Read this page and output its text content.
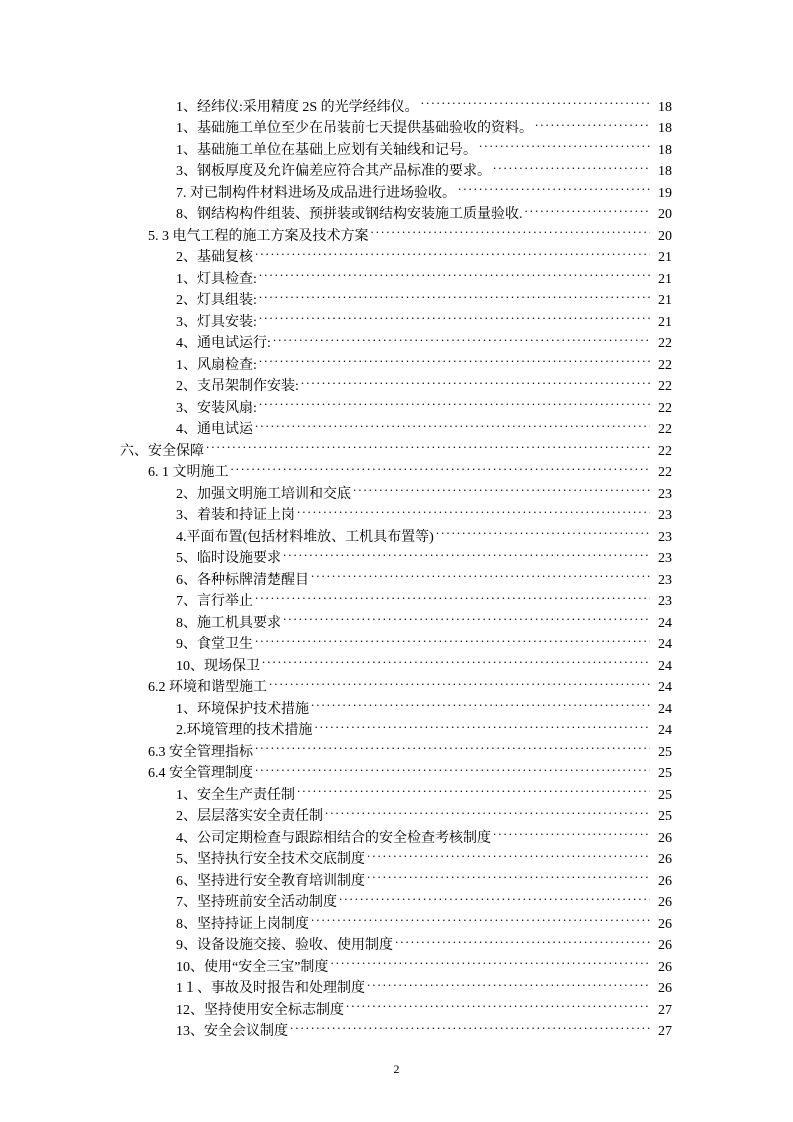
1、经纬仪:采用精度 2S 的光学经纬仪。 .....	18
1、基础施工单位至少在吊装前七天提供基础验收的资料。 .....	18
1、基础施工单位在基础上应划有关轴线和记号。 .....	18
3、钢板厚度及允许偏差应符合其产品标准的要求。 .....	18
7. 对已制构件材料进场及成品进行进场验收。 .....	19
8、钢结构构件组装、预拼装或钢结构安装施工质量验收. .....	20
5. 3 电气工程的施工方案及技术方案 .....	20
2、基础复核 .....	21
1、灯具检查: .....	21
2、灯具组装: .....	21
3、灯具安装: .....	21
4、通电试运行: .....	22
1、风扇检查: .....	22
2、支吊架制作安装: .....	22
3、安装风扇: .....	22
4、通电试运 .....	22
六、安全保障 .....	22
6. 1 文明施工 .....	22
2、加强文明施工培训和交底 .....	23
3、着装和持证上岗 .....	23
4.平面布置(包括材料堆放、工机具布置等) .....	23
5、临时设施要求 .....	23
6、各种标牌清楚醒目 .....	23
7、言行举止 .....	23
8、施工机具要求 .....	24
9、食堂卫生 .....	24
10、现场保卫 .....	24
6.2 环境和谐型施工 .....	24
1、环境保护技术措施 .....	24
2.环境管理的技术措施 .....	24
6.3 安全管理指标 .....	25
6.4 安全管理制度 .....	25
1、安全生产责任制 .....	25
2、层层落实安全责任制 .....	25
4、公司定期检查与跟踪相结合的安全检查考核制度 .....	26
5、坚持执行安全技术交底制度 .....	26
6、坚持进行安全教育培训制度 .....	26
7、坚持班前安全活动制度 .....	26
8、坚持持证上岗制度 .....	26
9、设备设施交接、验收、使用制度 .....	26
10、使用“安全三宝”制度 .....	26
1１、事故及时报告和处理制度 .....	26
12、坚持使用安全标志制度 .....	27
13、安全会议制度 .....	27
2
